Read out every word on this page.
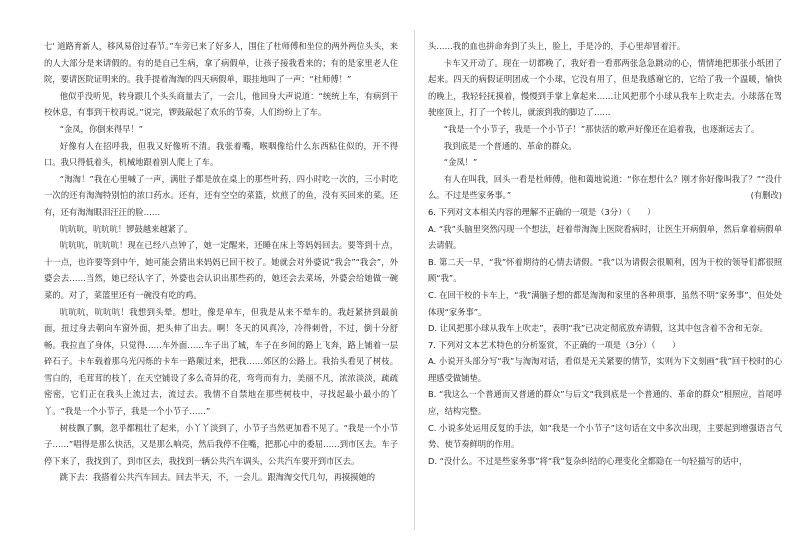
七' 道路育新人，移风易俗过春节。”车旁已来了好多人，围住了杜师傅和坐位的两外两位头头，来的人大部分是来请假的。有的是自己生病，拿了病假单，让孩子接我看来的；有的是家里老人住院，要请医院证明来的。我手提着淘淘的四天病假单，眼挂地叫了一声：“杜师傅！”

他似乎没听见，转身跟几个头头商量去了，一会儿，他回身大声说道：“统统上车，有病到干校休息，有事到干校再说。”说完，锣鼓敲起了欢乐的节奏，人们纷纷上了车。

“金凤，你倒来得早！”

好像有人在招呼我，但我又好像听不清。我张着嘴，喉咽像给什么东西粘住似的，开不得口。我只得低着头，机械地跟着别人爬上了车。

“淘淘！”我在心里喊了一声，满肚子都是放在桌上的那些叶药，四小时吃一次的，三小时吃一次的还有淘淘特别怕的浓口药水。还有，还有空空的菜篮，炊煎了的鱼，没有买回来的菜。还有，还有淘淘眼泪汪汪的脸……

吭吭吭，吭吭吭！锣鼓越来越紧了。

吭吭吭，吭吭吭！现在已经八点钟了，她一定醒来，还睡在床上等妈妈回去。要等到十点，十一点，也许要等到中午，她可能会猜出来妈妈已回干校了。她就会对外婆说“我会”“我会”，外婆会去……当然，她已经认字了，外婆也会认识出那些药的，她还会去菜场，外婆会给她做一碗菜的。对了，菜篮里还有一碗没有吃的鸡。

吭吭吭，吭吭吭！我想到头晕。想吐，像是单车，但我是从来不晕车的。我赶紧挤到最前面，扭过身去朝向车窗外面，把头伸了出去。啊！冬天的风真冷，冷得刺骨，不过，倒十分舒畅。我拉直了身体，只觉得……车外面……车子出了城，车子在乡间的路上飞奔，路上铺着一层碎石子。卡车载着那乌光闪烁的卡车一路颠过来，把我……郊区的公路上。我抬头看见了树枝。雪白的，毛茸茸的枝丫，在天空铺设了多么奇异的花，弯弯而有力，美丽不凡，浓浓淡淡，疏疏密密，它们正在我头上流过去，流过去。我情不自禁地在那些树枝中，寻找起最小最小的丫丫。“我是一个小节子，我是一个小节子……”

树枝飘了飘，忽乎都粗壮了起来，小丫丫淡到了，小节子当然更加看不见了。“我是一个小节子……”唱得是那么快活，又是那么响亮，然后我停不住嘴，把那心中的委屈……到市区去。车子停下来了，我找到了，到市区去，我找到一辆公共汽车调头，公共汽车要开到市区去。

跳下去：我搭着公共汽车回去。回去半天，不，一会儿。跟淘淘交代几句，再摸摸她的

头……我的血也拼命奔到了头上，脸上，手是冷的，手心里却冒着汗。

卡车又开动了。现在一切都晚了，我好看一看那两张急急跳动的心，情情地把那张小纸团了起来。四天的病假证明团成一个小球，它没有用了，但是我感谢它的，它给了我一个温暖，愉快的晚上，我轻轻抚摸着，慢慢到手掌上拿起来……让风把那个小球从我车上吹走去。小球落在驾驶座顶上，打了一个转儿，就滚到我的脚边了……

“我是一个小节子，我是一个小节子！”那快活的歌声好像还在追着我，也逐渐远去了。

我到底是一个普通的、革命的群众。

“金凤！”

有人在叫我，回头一看是杜师傅，他和蔼地说道：“你在想什么？刚才你好像叫我了？”“没什么。不过是些家务事。”	(有删改)

6. 下列对文本相关内容的理解不正确的一项是（3分）（　　）

A. “我”头脑里突然闪现一个想法，赶着带淘淘上医院看病时，让医生开病假单，然后拿着病假单去请假。

B. 第二天一早，“我”怀着期待的心情去请假。“我”以为请假会很顺利，因为干校的领导们都很照顾“我”。

C. 在回干校的卡车上，“我”满脑子想的都是淘淘和家里的各种琐事，虽然不明“家务事”，但处处体现“家务事”。

D. 让风把那小球从我车上吹走”，表明“我”已决定彻底放弃请假，这其中包含着不舍和无奈。

7. 下列对文本艺术特色的分析鉴赏，不正确的一项是（3分）（　　）

A. 小说开头部分写“我”与淘淘对话，看似是无关紧要的情节，实则为下文刻画“我”回干校时的心理感受做铺垫。

B. “我这么一个普通而又普通的群众”与后文“我到底是一个普通的、革命的群众”相照应，首尾呼应，结构完整。

C. 小说多处运用反复的手法，如“我是一个小节子”这句话在文中多次出现，主要起到增强语言气势、使节奏鲜明的作用。

D. “没什么。不过是些家务事”将“我”复杂纠结的心理变化全都隐在一句轻描写的话中，
